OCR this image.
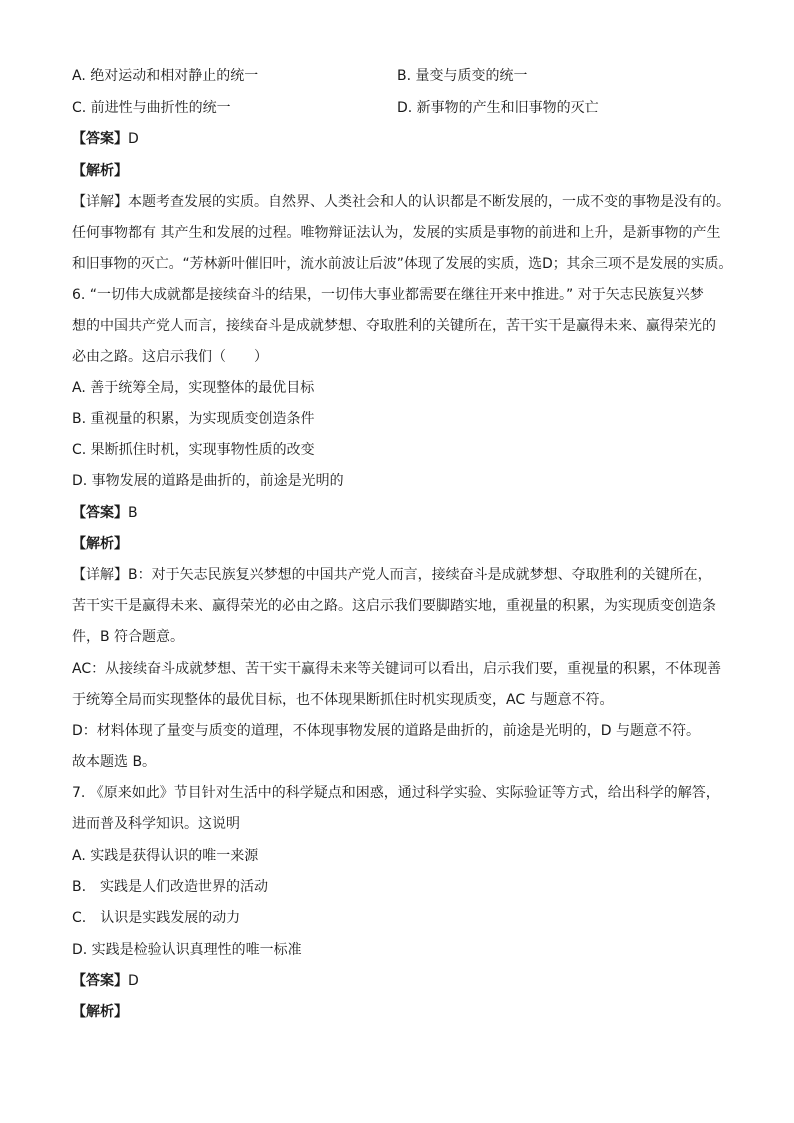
A. 绝对运动和相对静止的统一	B. 量变与质变的统一
C. 前进性与曲折性的统一	D. 新事物的产生和旧事物的灭亡
【答案】D
【解析】
【详解】本题考查发展的实质。自然界、人类社会和人的认识都是不断发展的，一成不变的事物是没有的。
任何事物都有 其产生和发展的过程。唯物辩证法认为，发展的实质是事物的前进和上升，是新事物的产生
和旧事物的灭亡。“芳林新叶催旧叶，流水前波让后波”体现了发展的实质，选D；其余三项不是发展的实质。
6. “一切伟大成就都是接续奋斗的结果，一切伟大事业都需要在继往开来中推进。” 对于矢志民族复兴梦
想的中国共产党人而言，接续奋斗是成就梦想、夺取胜利的关键所在，苦干实干是赢得未来、赢得荣光的
必由之路。这启示我们（　　）
A. 善于统筹全局，实现整体的最优目标
B. 重视量的积累，为实现质变创造条件
C. 果断抓住时机，实现事物性质的改变
D. 事物发展的道路是曲折的，前途是光明的
【答案】B
【解析】
【详解】B：对于矢志民族复兴梦想的中国共产党人而言，接续奋斗是成就梦想、夺取胜利的关键所在，
苦干实干是赢得未来、赢得荣光的必由之路。这启示我们要脚踏实地，重视量的积累，为实现质变创造条
件，B 符合题意。
AC：从接续奋斗成就梦想、苦干实干赢得未来等关键词可以看出，启示我们要，重视量的积累，不体现善
于统筹全局而实现整体的最优目标，也不体现果断抓住时机实现质变，AC 与题意不符。
D：材料体现了量变与质变的道理，不体现事物发展的道路是曲折的，前途是光明的，D 与题意不符。
故本题选 B。
7. 《原来如此》节目针对生活中的科学疑点和困惑，通过科学实验、实际验证等方式，给出科学的解答，
进而普及科学知识。这说明
A. 实践是获得认识的唯一来源
B.　实践是人们改造世界的活动
C.　认识是实践发展的动力
D. 实践是检验认识真理性的唯一标准
【答案】D
【解析】
